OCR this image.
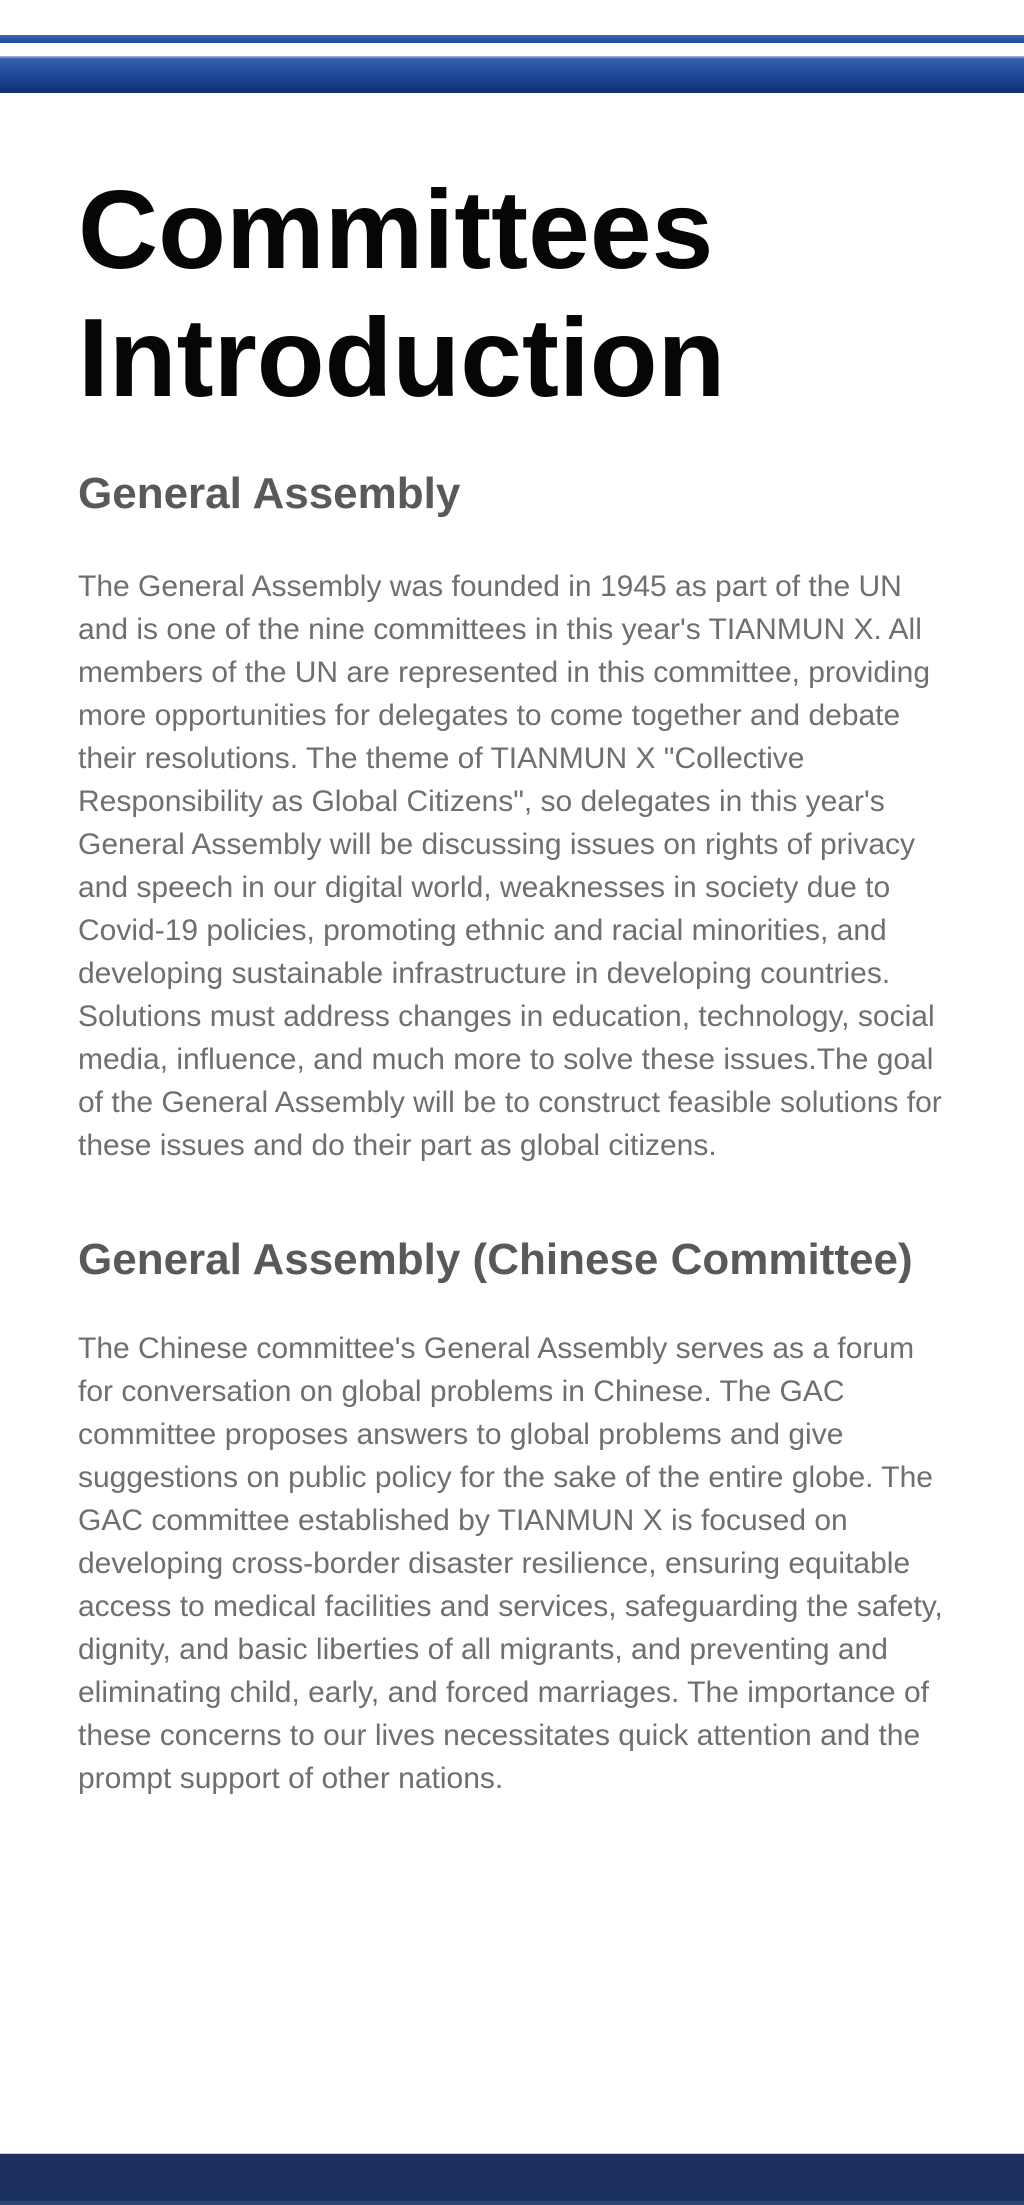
Committees Introduction
General Assembly

The General Assembly was founded in 1945 as part of the UN and is one of the nine committees in this year's TIANMUN X. All members of the UN are represented in this committee, providing more opportunities for delegates to come together and debate their resolutions. The theme of TIANMUN X "Collective Responsibility as Global Citizens", so delegates in this year's General Assembly will be discussing issues on rights of privacy and speech in our digital world, weaknesses in society due to Covid-19 policies, promoting ethnic and racial minorities, and developing sustainable infrastructure in developing countries. Solutions must address changes in education, technology, social media, influence, and much more to solve these issues.The goal of the General Assembly will be to construct feasible solutions for these issues and do their part as global citizens.

General Assembly (Chinese Committee)

The Chinese committee's General Assembly serves as a forum for conversation on global problems in Chinese. The GAC committee proposes answers to global problems and give suggestions on public policy for the sake of the entire globe. The GAC committee established by TIANMUN X is focused on developing cross-border disaster resilience, ensuring equitable access to medical facilities and services, safeguarding the safety, dignity, and basic liberties of all migrants, and preventing and eliminating child, early, and forced marriages. The importance of these concerns to our lives necessitates quick attention and the prompt support of other nations.
